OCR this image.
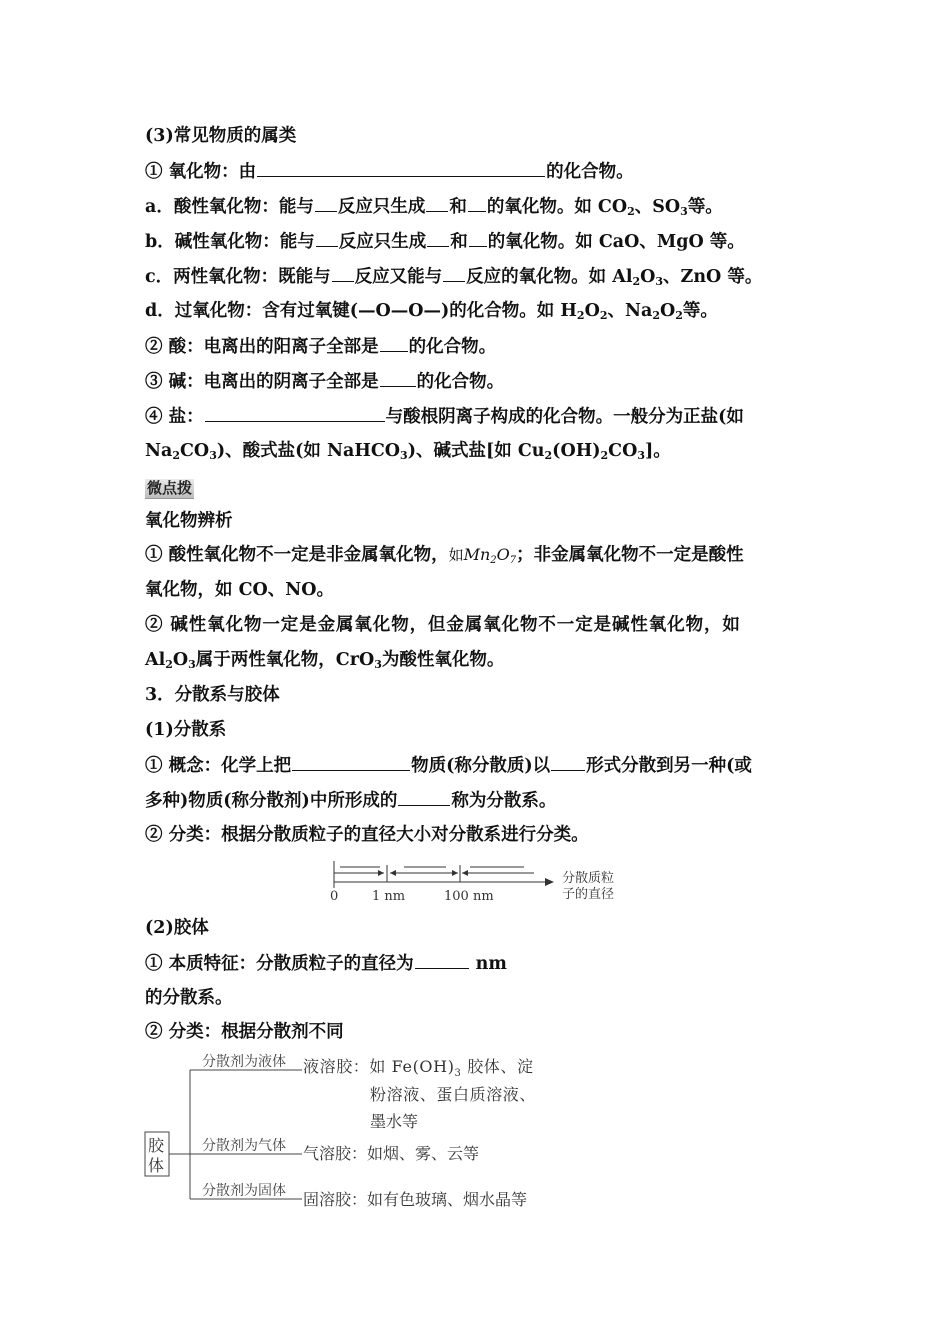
(3)常见物质的属类
① 氧化物：由	的化合物。
a．酸性氧化物：能与 反应只生成 和 的氧化物。如 $CO_2$、$SO_3$等。
b．碱性氧化物：能与 反应只生成 和 的氧化物。如 CaO、MgO 等。
c．两性氧化物：既能与 反应又能与 反应的氧化物。如 $Al_2O_3$、ZnO 等。
d．过氧化物：含有过氧键(—O—O—)的化合物。如 $H_2O_2$、$Na_2O_2$等。
② 酸：电离出的阳离子全部是 的化合物。
③ 碱：电离出的阴离子全部是 的化合物。
④ 盐：	与酸根阴离子构成的化合物。一般分为正盐(如
$Na_2CO_3$)、酸式盐(如 NaHCO$_3$)、碱式盐[如 $Cu_2(OH)_2CO_3$]。
微点拨
氧化物辨析
① 酸性氧化物不一定是非金属氧化物，如$Mn_2O_7$；非金属氧化物不一定是酸性
氧化物，如 CO、NO。
② 碱性氧化物一定是金属氧化物，但金属氧化物不一定是碱性氧化物，如
$Al_2O_3$属于两性氧化物，CrO$_3$为酸性氧化物。
3．分散系与胶体
(1)分散系
① 概念：化学上把	物质(称分散质)以 形式分散到另一种(或
多种)物质(称分散剂)中所形成的	称为分散系。
② 分类：根据分散质粒子的直径大小对分散系进行分类。
0	1 nm	100 nm
分散质粒
子的直径
(2)胶体
① 本质特征：分散质粒子的直径为	nm
的分散系。
② 分类：根据分散剂不同
胶
体
分散剂为液体
分散剂为气体
分散剂为固体
液溶胶：如 $Fe(OH)_3$ 胶体、淀
粉溶液、蛋白质溶液、
墨水等
气溶胶：如烟、雾、云等
固溶胶：如有色玻璃、烟水晶等
